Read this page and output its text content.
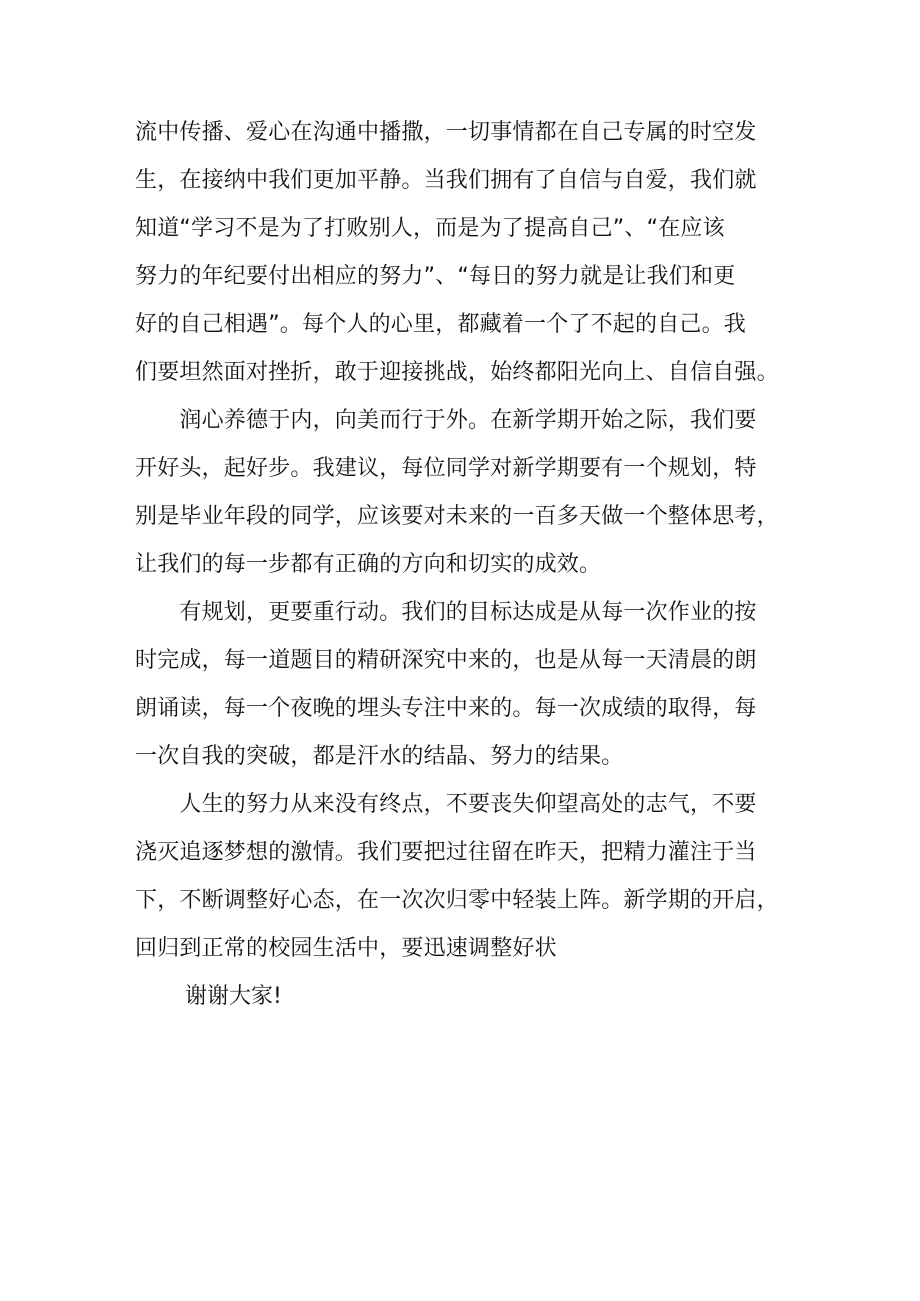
流中传播、爱心在沟通中播撒，一切事情都在自己专属的时空发
生，在接纳中我们更加平静。当我们拥有了自信与自爱，我们就
知道“学习不是为了打败别人，而是为了提高自己”、“在应该
努力的年纪要付出相应的努力”、“每日的努力就是让我们和更
好的自己相遇”。每个人的心里，都藏着一个了不起的自己。我
们要坦然面对挫折，敢于迎接挑战，始终都阳光向上、自信自强。
　　润心养德于内，向美而行于外。在新学期开始之际，我们要
开好头，起好步。我建议，每位同学对新学期要有一个规划，特
别是毕业年段的同学，应该要对未来的一百多天做一个整体思考，
让我们的每一步都有正确的方向和切实的成效。
　　有规划，更要重行动。我们的目标达成是从每一次作业的按
时完成，每一道题目的精研深究中来的，也是从每一天清晨的朗
朗诵读，每一个夜晚的埋头专注中来的。每一次成绩的取得，每
一次自我的突破，都是汗水的结晶、努力的结果。
　　人生的努力从来没有终点，不要丧失仰望高处的志气，不要
浇灭追逐梦想的激情。我们要把过往留在昨天，把精力灌注于当
下，不断调整好心态，在一次次归零中轻装上阵。新学期的开启，
回归到正常的校园生活中，要迅速调整好状
谢谢大家!
